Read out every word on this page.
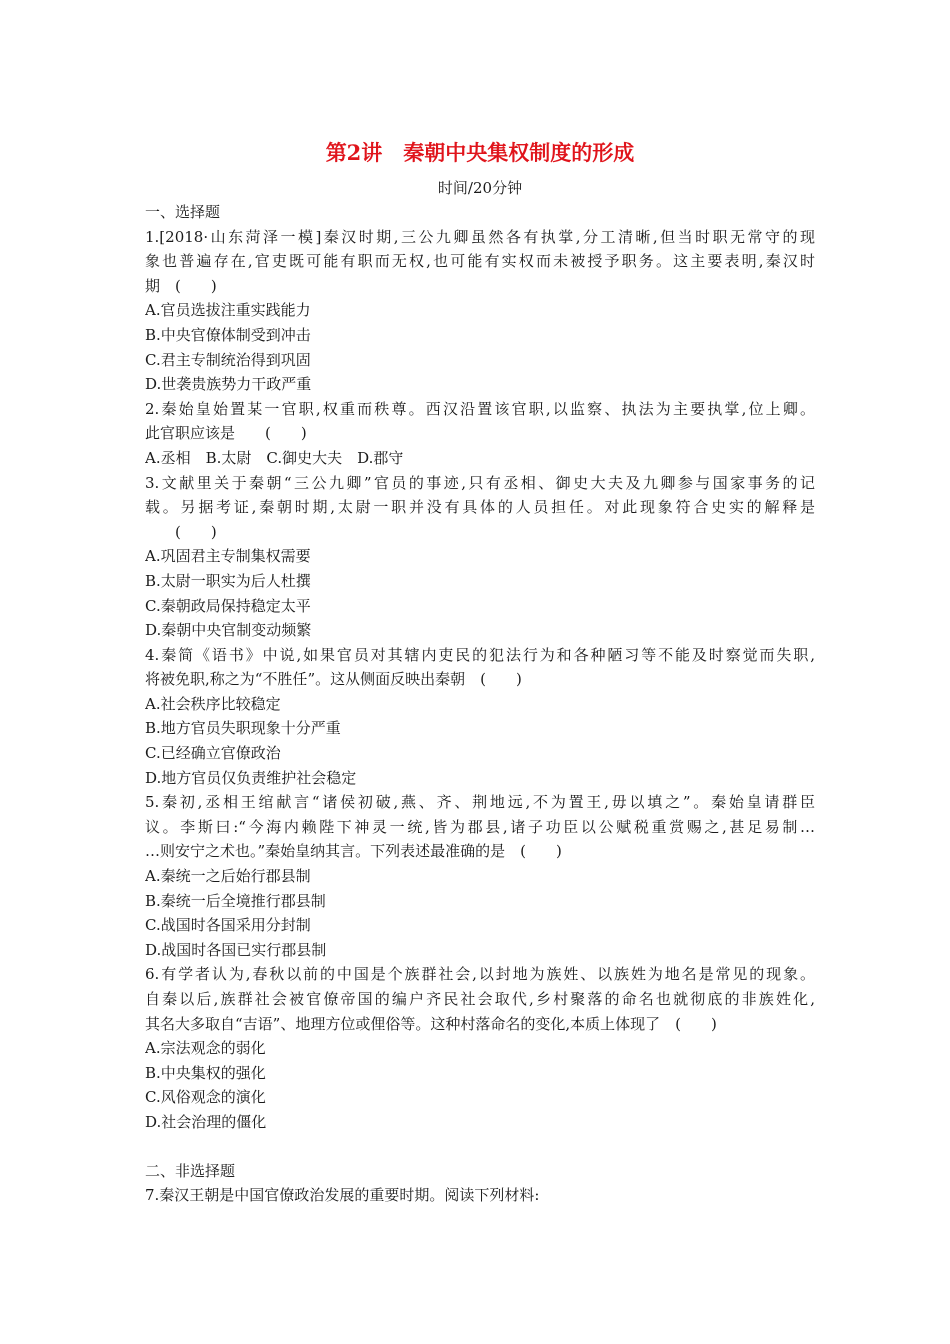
第2讲　秦朝中央集权制度的形成
时间/20分钟
一、选择题
1.[2018·山东菏泽一模]秦汉时期,三公九卿虽然各有执掌,分工清晰,但当时职无常守的现
象也普遍存在,官吏既可能有职而无权,也可能有实权而未被授予职务。这主要表明,秦汉时
期　(　　)
A.官员选拔注重实践能力
B.中央官僚体制受到冲击
C.君主专制统治得到巩固
D.世袭贵族势力干政严重
2.秦始皇始置某一官职,权重而秩尊。西汉沿置该官职,以监察、执法为主要执掌,位上卿。
此官职应该是　　(　　)
A.丞相　B.太尉　C.御史大夫　D.郡守
3.文献里关于秦朝“三公九卿”官员的事迹,只有丞相、御史大夫及九卿参与国家事务的记
载。另据考证,秦朝时期,太尉一职并没有具体的人员担任。对此现象符合史实的解释是
　　(　　)
A.巩固君主专制集权需要
B.太尉一职实为后人杜撰
C.秦朝政局保持稳定太平
D.秦朝中央官制变动频繁
4.秦简《语书》中说,如果官员对其辖内吏民的犯法行为和各种陋习等不能及时察觉而失职,
将被免职,称之为“不胜任”。这从侧面反映出秦朝　(　　)
A.社会秩序比较稳定
B.地方官员失职现象十分严重
C.已经确立官僚政治
D.地方官员仅负责维护社会稳定
5.秦初,丞相王绾献言“诸侯初破,燕、齐、荆地远,不为置王,毋以填之”。秦始皇请群臣
议。李斯曰:“今海内赖陛下神灵一统,皆为郡县,诸子功臣以公赋税重赏赐之,甚足易制…
…则安宁之术也。”秦始皇纳其言。下列表述最准确的是　(　　)
A.秦统一之后始行郡县制
B.秦统一后全境推行郡县制
C.战国时各国采用分封制
D.战国时各国已实行郡县制
6.有学者认为,春秋以前的中国是个族群社会,以封地为族姓、以族姓为地名是常见的现象。
自秦以后,族群社会被官僚帝国的编户齐民社会取代,乡村聚落的命名也就彻底的非族姓化,
其名大多取自“吉语”、地理方位或俚俗等。这种村落命名的变化,本质上体现了　(　　)
A.宗法观念的弱化
B.中央集权的强化
C.风俗观念的演化
D.社会治理的僵化
二、非选择题
7.秦汉王朝是中国官僚政治发展的重要时期。阅读下列材料:
